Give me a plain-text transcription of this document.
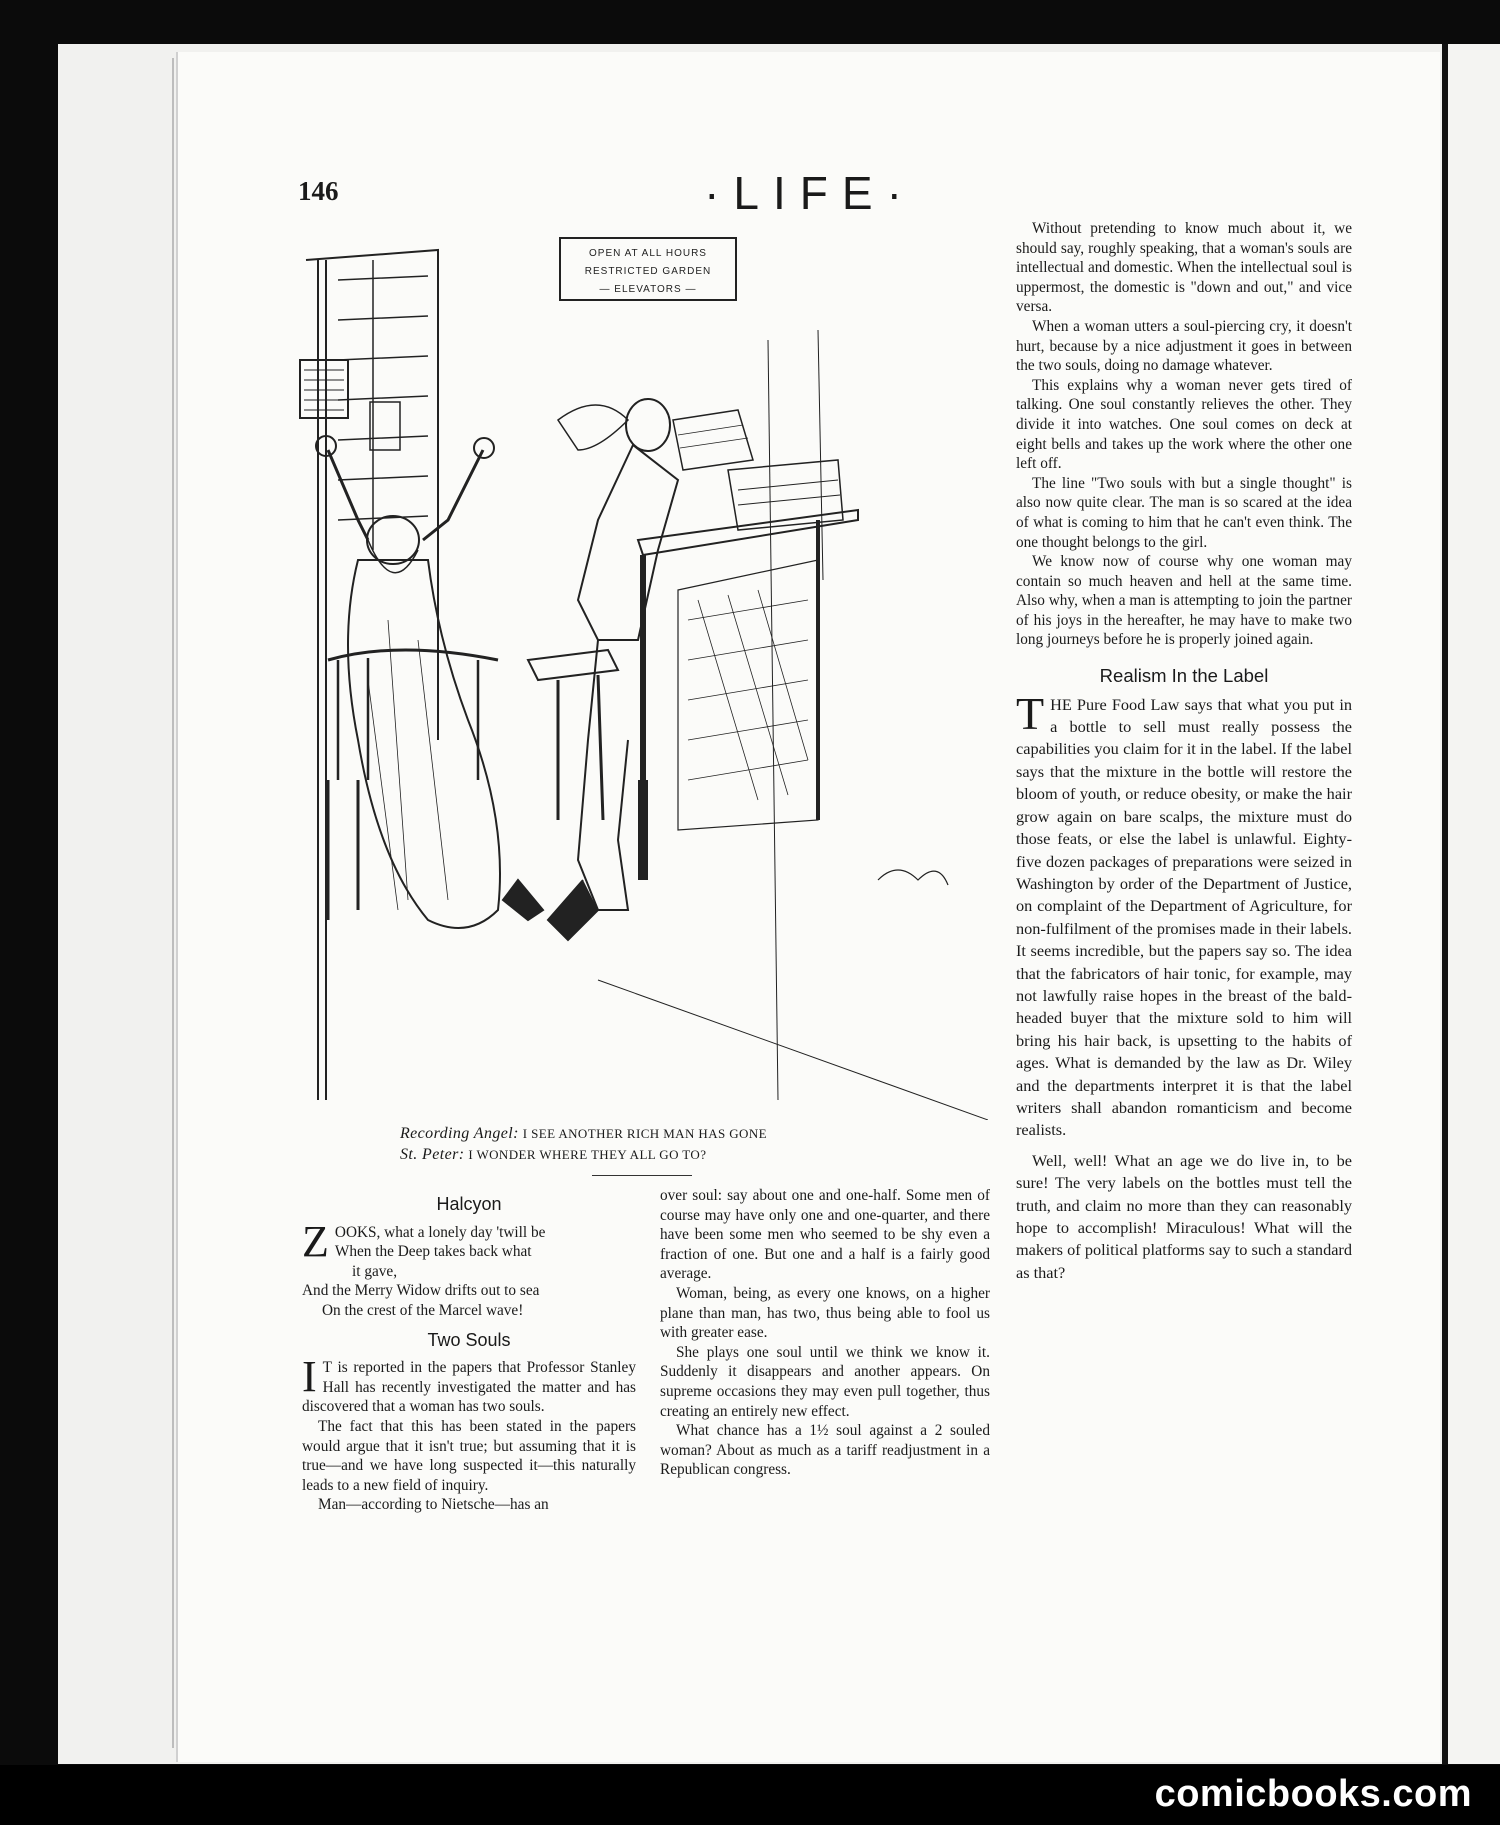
146	·LIFE·
OPEN AT ALL HOURS
RESTRICTED GARDEN
— ELEVATORS —
Recording Angel: I SEE ANOTHER RICH MAN HAS GONE
St. Peter: I WONDER WHERE THEY ALL GO TO?
Halcyon
Z OOKS, what a lonely day 'twill be

When the Deep takes back what

it gave,

And the Merry Widow drifts out to sea

On the crest of the Marcel wave!

Two Souls

I T is reported in the papers that Professor Stanley Hall has recently investigated the matter and has discovered that a woman has two souls.

The fact that this has been stated in the papers would argue that it isn't true; but assuming that it is true—and we have long suspected it—this naturally leads to a new field of inquiry.

Man—according to Nietsche—has an

over soul: say about one and one-half. Some men of course may have only one and one-quarter, and there have been some men who seemed to be shy even a fraction of one. But one and a half is a fairly good average.

Woman, being, as every one knows, on a higher plane than man, has two, thus being able to fool us with greater ease.

She plays one soul until we think we know it. Suddenly it disappears and another appears. On supreme occasions they may even pull together, thus creating an entirely new effect.

What chance has a 1½ soul against a 2 souled woman? About as much as a tariff readjustment in a Republican congress.

Without pretending to know much about it, we should say, roughly speaking, that a woman's souls are intellectual and domestic. When the intellectual soul is uppermost, the domestic is "down and out," and vice versa.

When a woman utters a soul-piercing cry, it doesn't hurt, because by a nice adjustment it goes in between the two souls, doing no damage whatever.

This explains why a woman never gets tired of talking. One soul constantly relieves the other. They divide it into watches. One soul comes on deck at eight bells and takes up the work where the other one left off.

The line "Two souls with but a single thought" is also now quite clear. The man is so scared at the idea of what is coming to him that he can't even think. The one thought belongs to the girl.

We know now of course why one woman may contain so much heaven and hell at the same time. Also why, when a man is attempting to join the partner of his joys in the hereafter, he may have to make two long journeys before he is properly joined again.

Realism In the Label

THE Pure Food Law says that what you put in a bottle to sell must really possess the capabilities you claim for it in the label. If the label says that the mixture in the bottle will restore the bloom of youth, or reduce obesity, or make the hair grow again on bare scalps, the mixture must do those feats, or else the label is unlawful. Eighty-five dozen packages of preparations were seized in Washington by order of the Department of Justice, on complaint of the Department of Agriculture, for non-fulfilment of the promises made in their labels. It seems incredible, but the papers say so. The idea that the fabricators of hair tonic, for example, may not lawfully raise hopes in the breast of the bald-headed buyer that the mixture sold to him will bring his hair back, is upsetting to the habits of ages. What is demanded by the law as Dr. Wiley and the departments interpret it is that the label writers shall abandon romanticism and become realists.

Well, well! What an age we do live in, to be sure! The very labels on the bottles must tell the truth, and claim no more than they can reasonably hope to accomplish! Miraculous! What will the makers of political platforms say to such a standard as that?

comicbooks.com
